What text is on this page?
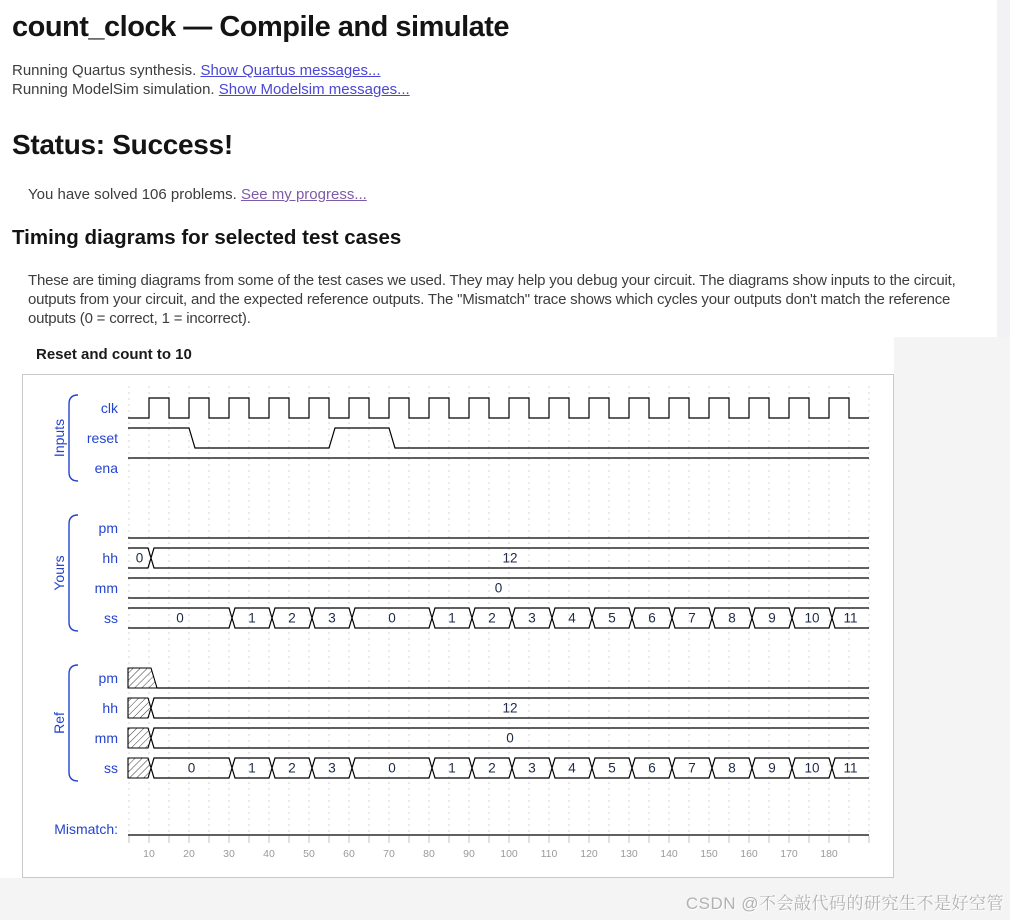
count_clock — Compile and simulate
Running Quartus synthesis. Show Quartus messages...
Running ModelSim simulation. Show Modelsim messages...
Status: Success!
You have solved 106 problems. See my progress...
Timing diagrams for selected test cases

These are timing diagrams from some of the test cases we used. They may help you debug your circuit. The diagrams show inputs to the circuit, outputs from your circuit, and the expected reference outputs. The "Mismatch" trace shows which cycles your outputs don't match the reference outputs (0 = correct, 1 = incorrect).

Reset and count to 10
10	20	30	40	50	60	70	80	90 100 110 120 130 140 150 160 170 180
Inputs
clk
reset
ena
Yours
pm
hh 0	12
mm	0
ss	0	1 2 3	0	1 2 3 4 5 6 7 8 9 10 11
Ref
pm
hh	12
mm	0
ss	0	1 2 3	0	1 2 3 4 5 6 7 8 9 10 11
Mismatch:
CSDN @不会敲代码的研究生不是好空管
